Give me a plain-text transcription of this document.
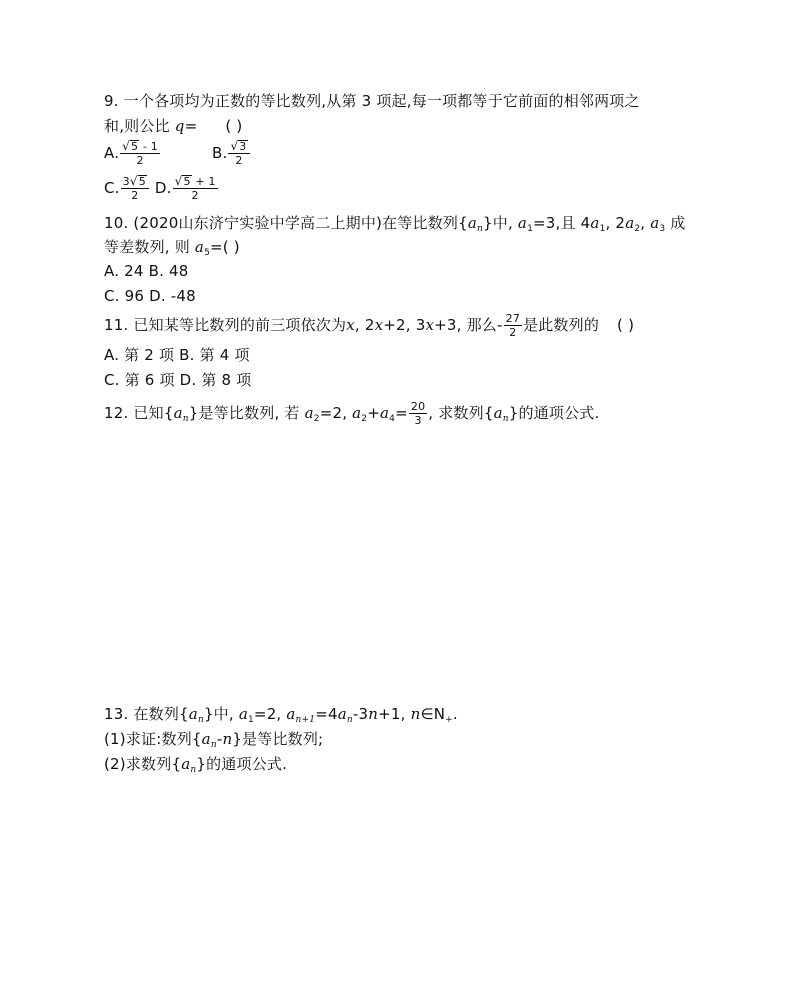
9. 一个各项均为正数的等比数列,从第 3 项起,每一项都等于它前面的相邻两项之
和,则公比 q= ( )
A. $\frac{√5 - 1}{2}$	B. $\frac{√3}{2}$
C. $\frac{3√5}{2} D$. $\frac{√5 + 1}{2}$
10. (2020山东济宁实验中学高二上期中)在等比数列$\{a_n\}$中, $a_1=3$,且 $4a_1$, $2a_2$, $a_3$ 成
等差数列, 则 $a_5=$( )
A. 24 B. 48
C. 96 D. -48
11. 已知某等比数列的前三项依次为x, 2x+2, 3x+3, 那么- $\frac{27}{2}$ 是此数列的 ( )
A. 第 2 项 B. 第 4 项
C. 第 6 项 D. 第 8 项
12. 已知$\{a_n\}$是等比数列, 若 $a_2=2$, $a_2+a_4= \frac{20}{3}$ , 求数列$\{a_n\}$的通项公式.
13. 在数列$\{a_n\}$中, $a_1=2$, $a_{n+1}=4a_n-3n+1$, $n\in N_+$.
(1)求证:数列$\{a_n-n\}$是等比数列;
(2)求数列$\{a_n\}$的通项公式.
